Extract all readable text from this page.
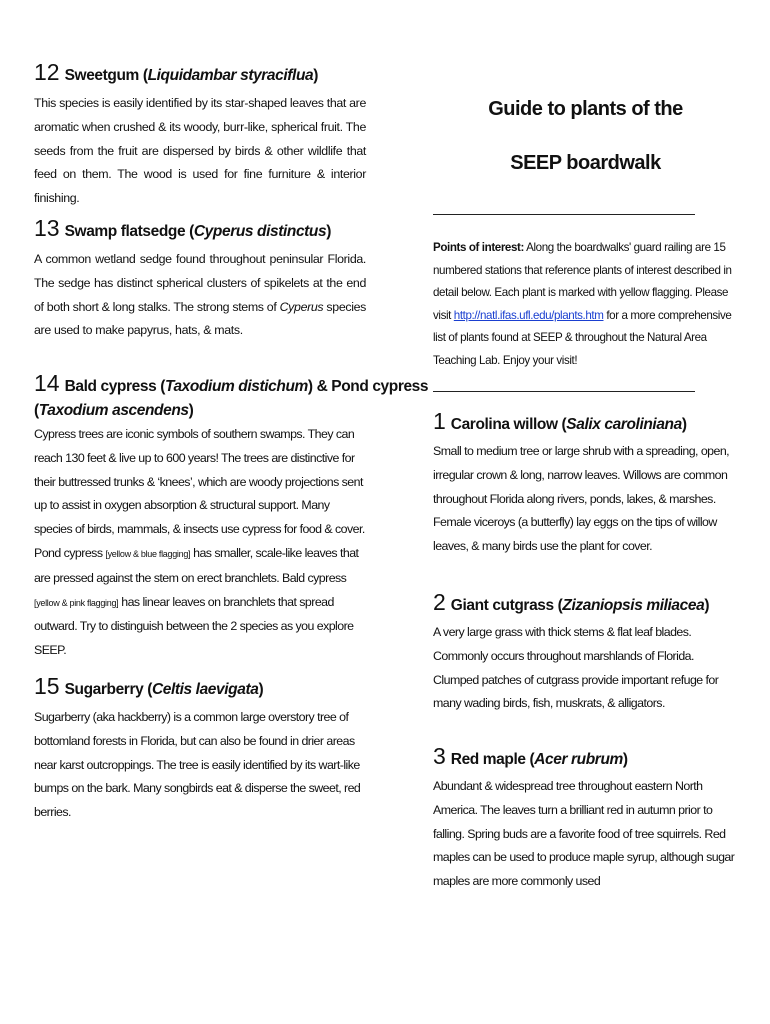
12 Sweetgum (Liquidambar styraciflua)

This species is easily identified by its star-shaped leaves that are aromatic when crushed & its woody, burr-like, spherical fruit. The seeds from the fruit are dispersed by birds & other wildlife that feed on them. The wood is used for fine furniture & interior finishing.

13 Swamp flatsedge (Cyperus distinctus)

A common wetland sedge found throughout peninsular Florida. The sedge has distinct spherical clusters of spikelets at the end of both short & long stalks. The strong stems of Cyperus species are used to make papyrus, hats, & mats.

14 Bald cypress (Taxodium distichum) & Pond cypress
(Taxodium ascendens)

Cypress trees are iconic symbols of southern swamps. They can reach 130 feet & live up to 600 years! The trees are distinctive for their buttressed trunks & ‘knees’, which are woody projections sent up to assist in oxygen absorption & structural support. Many species of birds, mammals, & insects use cypress for food & cover. Pond cypress [yellow & blue flagging] has smaller, scale-like leaves that are pressed against the stem on erect branchlets. Bald cypress [yellow & pink flagging] has linear leaves on branchlets that spread outward. Try to distinguish between the 2 species as you explore SEEP.

15 Sugarberry (Celtis laevigata)

Sugarberry (aka hackberry) is a common large overstory tree of bottomland forests in Florida, but can also be found in drier areas near karst outcroppings. The tree is easily identified by its wart-like bumps on the bark. Many songbirds eat & disperse the sweet, red berries.

Guide to plants of the
SEEP boardwalk

Points of interest: Along the boardwalks' guard railing are 15 numbered stations that reference plants of interest described in detail below. Each plant is marked with yellow flagging. Please visit http://natl.ifas.ufl.edu/plants.htm for a more comprehensive list of plants found at SEEP & throughout the Natural Area Teaching Lab. Enjoy your visit!

1 Carolina willow (Salix caroliniana)

Small to medium tree or large shrub with a spreading, open, irregular crown & long, narrow leaves. Willows are common throughout Florida along rivers, ponds, lakes, & marshes. Female viceroys (a butterfly) lay eggs on the tips of willow leaves, & many birds use the plant for cover.

2 Giant cutgrass (Zizaniopsis miliacea)

A very large grass with thick stems & flat leaf blades. Commonly occurs throughout marshlands of Florida. Clumped patches of cutgrass provide important refuge for many wading birds, fish, muskrats, & alligators.

3 Red maple (Acer rubrum)

Abundant & widespread tree throughout eastern North America. The leaves turn a brilliant red in autumn prior to falling. Spring buds are a favorite food of tree squirrels. Red maples can be used to produce maple syrup, although sugar maples are more commonly used
